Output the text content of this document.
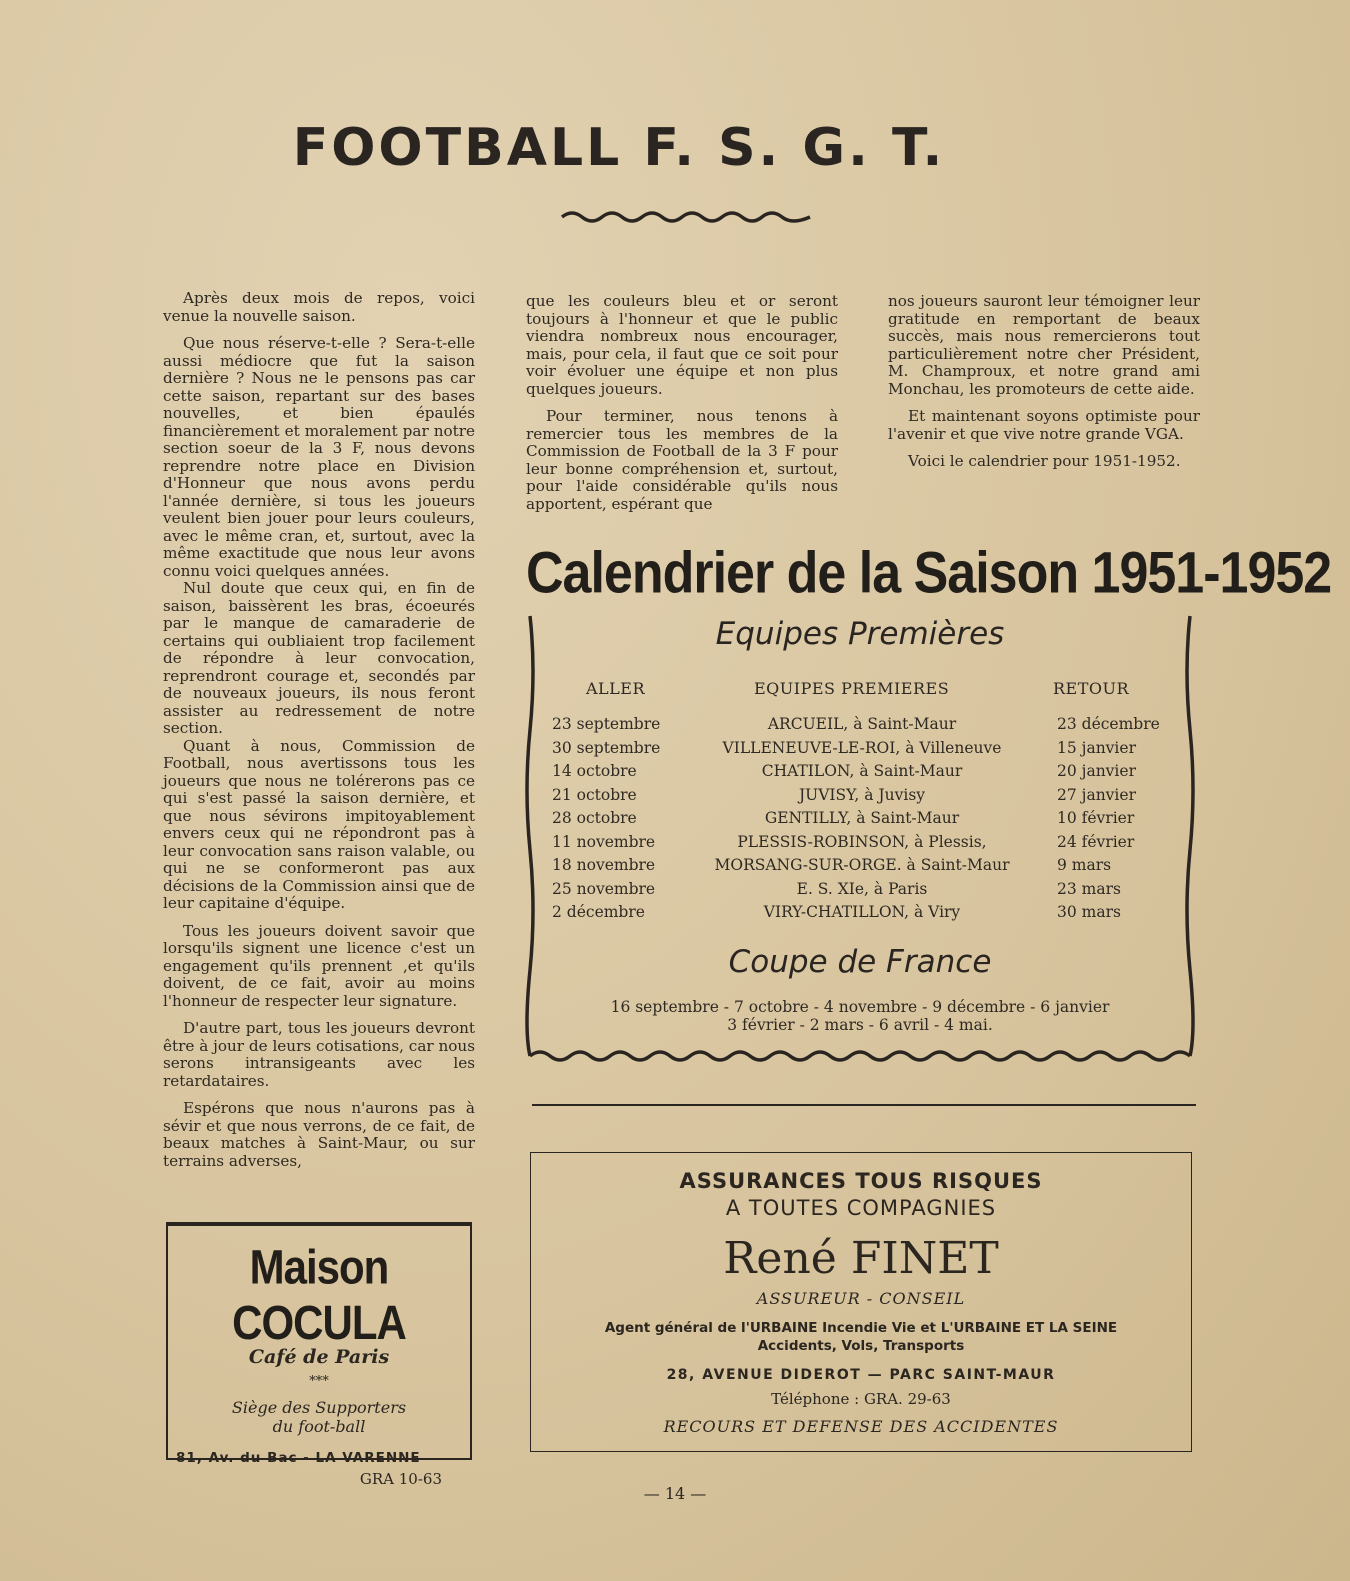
FOOTBALL F. S. G. T.

Après deux mois de repos, voici venue la nouvelle saison.

Que nous réserve-t-elle ? Sera-t-elle aussi médiocre que fut la saison dernière ? Nous ne le pensons pas car cette saison, repartant sur des bases nouvelles, et bien épaulés financièrement et moralement par notre section soeur de la 3 F, nous devons reprendre notre place en Division d'Honneur que nous avons perdu l'année dernière, si tous les joueurs veulent bien jouer pour leurs couleurs, avec le même cran, et, surtout, avec la même exactitude que nous leur avons connu voici quelques années.

Nul doute que ceux qui, en fin de saison, baissèrent les bras, écoeurés par le manque de camaraderie de certains qui oubliaient trop facilement de répondre à leur convocation, reprendront courage et, secondés par de nouveaux joueurs, ils nous feront assister au redressement de notre section.

Quant à nous, Commission de Football, nous avertissons tous les joueurs que nous ne tolérerons pas ce qui s'est passé la saison dernière, et que nous sévirons impitoyablement envers ceux qui ne répondront pas à leur convocation sans raison valable, ou qui ne se conformeront pas aux décisions de la Commission ainsi que de leur capitaine d'équipe.

Tous les joueurs doivent savoir que lorsqu'ils signent une licence c'est un engagement qu'ils prennent ,et qu'ils doivent, de ce fait, avoir au moins l'honneur de respecter leur signature.

D'autre part, tous les joueurs devront être à jour de leurs cotisations, car nous serons intransigeants avec les retardataires.

Espérons que nous n'aurons pas à sévir et que nous verrons, de ce fait, de beaux matches à Saint-Maur, ou sur terrains adverses,

que les couleurs bleu et or seront toujours à l'honneur et que le public viendra nombreux nous encourager, mais, pour cela, il faut que ce soit pour voir évoluer une équipe et non plus quelques joueurs.

Pour terminer, nous tenons à remercier tous les membres de la Commission de Football de la 3 F pour leur bonne compréhension et, surtout, pour l'aide considérable qu'ils nous apportent, espérant que

nos joueurs sauront leur témoigner leur gratitude en remportant de beaux succès, mais nous remercierons tout particulièrement notre cher Président, M. Champroux, et notre grand ami Monchau, les promoteurs de cette aide.

Et maintenant soyons optimiste pour l'avenir et que vive notre grande VGA.

Voici le calendrier pour 1951-1952.

Calendrier de la Saison 1951-1952
Equipes Premières
ALLER	EQUIPES PREMIERES	RETOUR
23 septembre	ARCUEIL, à Saint-Maur	23 décembre
30 septembre	VILLENEUVE-LE-ROI, à Villeneuve	15 janvier
14 octobre	CHATILON, à Saint-Maur	20 janvier
21 octobre	JUVISY, à Juvisy	27 janvier
28 octobre	GENTILLY, à Saint-Maur	10 février
11 novembre	PLESSIS-ROBINSON, à Plessis,	24 février
18 novembre	MORSANG-SUR-ORGE. à Saint-Maur	9 mars
25 novembre	E. S. XIe, à Paris	23 mars
2 décembre	VIRY-CHATILLON, à Viry	30 mars
Coupe de France
16 septembre - 7 octobre - 4 novembre - 9 décembre - 6 janvier
3 février - 2 mars - 6 avril - 4 mai.
Maison COCULA
Café de Paris
***
Siège des Supporters
du foot-ball
81, Av. du Bac - LA VARENNE
GRA 10-63
ASSURANCES TOUS RISQUES
A TOUTES COMPAGNIES
René FINET
ASSUREUR - CONSEIL
Agent général de l'URBAINE Incendie Vie et L'URBAINE ET LA SEINE
Accidents, Vols, Transports
28, AVENUE DIDEROT — PARC SAINT-MAUR
Téléphone : GRA. 29-63
RECOURS ET DEFENSE DES ACCIDENTES
— 14 —
